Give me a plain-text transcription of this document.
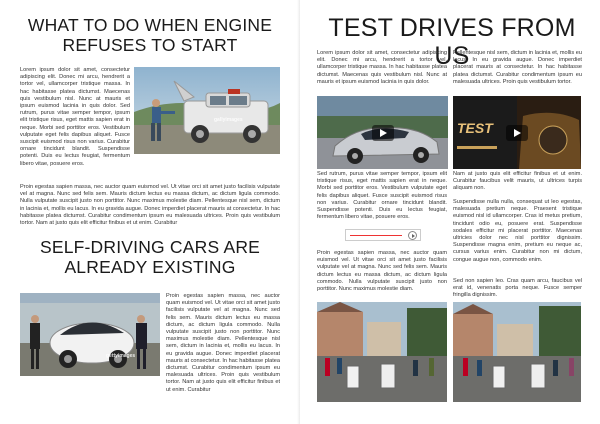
WHAT TO DO WHEN ENGINE REFUSES TO START
Lorem ipsum dolor sit amet, consectetur adipiscing elit. Donec mi arcu, hendrerit a tortor vel, ullamcorper tristique massa. In hac habitasse platea dictumst. Maecenas quis vestibulum nisl. Nunc at mauris et ipsum euismod lacinia in quis dolor. Sed rutrum, purus vitae semper tempor, ipsum elit tristique risus, eget mattis sapien erat in neque. Morbi sed porttitor eros. Vestibulum vulputate eget felis dapibus aliquet. Fusce suscipit euismod risus non varius. Curabitur ornare tincidunt blandit. Suspendisse potenti. Duis eu lectus feugiat, fermentum libero vitae, posuere eros.
gallyimages
Proin egestas sapien massa, nec auctor quam euismod vel. Ut vitae orci sit amet justo facilisis vulputate vel at magna. Nunc sed felis sem. Mauris dictum lectus eu massa dictum, ac dictum ligula commodo. Nulla vulputate suscipit justo non porttitor. Nunc maximus molestie diam. Pellentesque nisl sem, dictum in lacinia et, mollis eu lacus. In eu gravida augue. Donec imperdiet placerat mauris at consectetur. In hac habitasse platea dictumst. Curabitur condimentum ipsum eu malesuada ultrices. Proin quis vestibulum tortor. Nam at justo quis elit efficitur finibus et ut enim. Curabitur
SELF-DRIVING CARS ARE ALREADY EXISTING
gettyimages
Proin egestas sapien massa, nec auctor quam euismod vel. Ut vitae orci sit amet justo facilisis vulputate vel at magna. Nunc sed felis sem. Mauris dictum lectus eu massa dictum, ac dictum ligula commodo. Nulla vulputate suscipit justo non porttitor. Nunc maximus molestie diam. Pellentesque nisl sem, dictum in lacinia et, mollis eu lacus. In eu gravida augue. Donec imperdiet placerat mauris at consectetur. In hac habitasse platea dictumst. Curabitur condimentum ipsum eu malesuada ultrices. Proin quis vestibulum tortor. Nam at justo quis elit efficitur finibus et ut enim. Curabitur
TEST DRIVES FROM US
Lorem ipsum dolor sit amet, consectetur adipiscing elit. Donec mi arcu, hendrerit a tortor vel, ullamcorper tristique massa. In hac habitasse platea dictumst. Maecenas quis vestibulum nisl. Nunc at mauris et ipsum euismod lacinia in quis dolor.
Sed rutrum, purus vitae semper tempor, ipsum elit tristique risus, eget mattis sapien erat in neque. Morbi sed porttitor eros. Vestibulum vulputate eget felis dapibus aliquet. Fusce suscipit euismod risus non varius. Curabitur ornare tincidunt blandit. Suspendisse potenti. Duis eu lectus feugiat, fermentum libero vitae, posuere eros.
Proin egestas sapien massa, nec auctor quam euismod vel. Ut vitae orci sit amet justo facilisis vulputate vel at magna. Nunc sed felis sem. Mauris dictum lectus eu massa dictum, ac dictum ligula commodo. Nulla vulputate suscipit justo non porttitor. Nunc maximus molestie diam.
Pellentesque nisl sem, dictum in lacinia et, mollis eu lacus. In eu gravida augue. Donec imperdiet placerat mauris at consectetur. In hac habitasse platea dictumst. Curabitur condimentum ipsum eu malesuada ultrices. Proin quis vestibulum tortor.
TEST
Nam at justo quis elit efficitur finibus et ut enim. Curabitur faucibus velit mauris, ut ultrices turpis aliquam non.
Suspendisse nulla nulla, consequat ut leo egestas, malesuada pretium neque. Praesent tristique euismod nisl id ullamcorper. Cras id metus pretium, tincidunt odio eu, posuere erat. Suspendisse sodales efficitur mi placerat porttitor. Maecenas ultricies dolor nec nisl porttitor dignissim. Suspendisse magna enim, pretium eu neque ac, cursus varius enim. Curabitur non mi dictum, congue augue non, commodo enim.
Sed non sapien leo. Cras quam arcu, faucibus vel erat id, venenatis porta neque. Fusce semper fringilla dignissim.
